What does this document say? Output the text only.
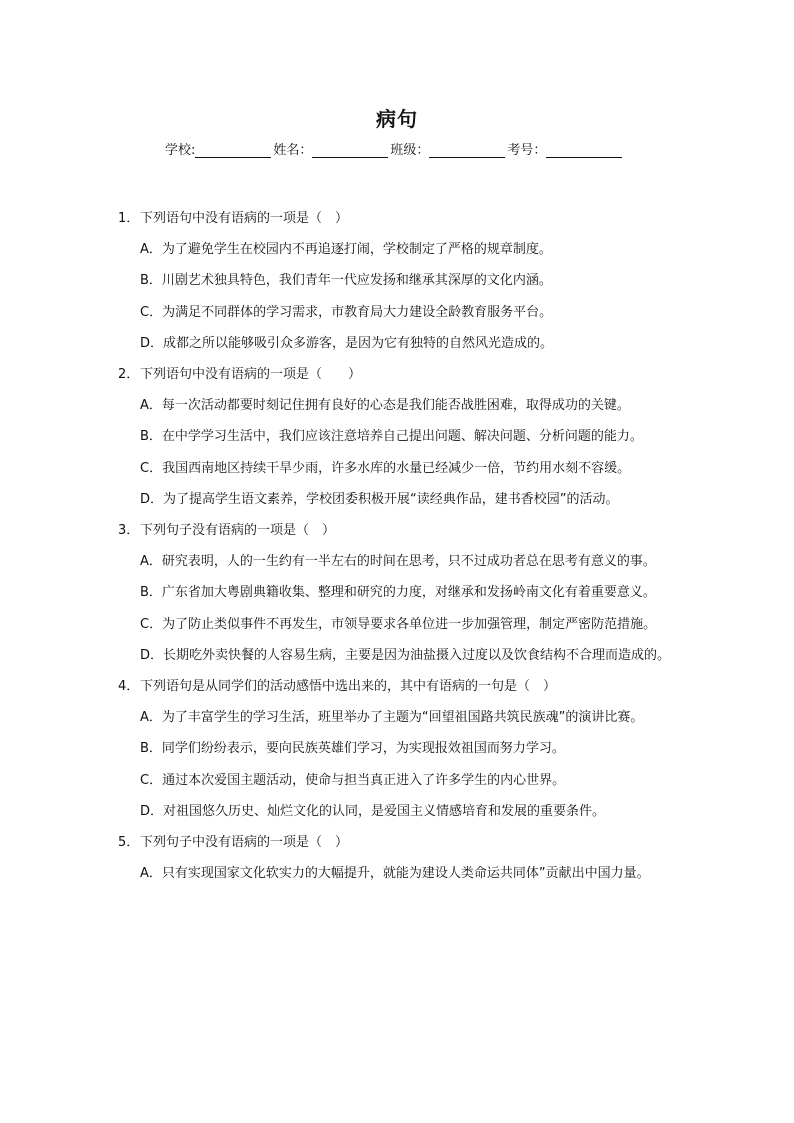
病句
学校:	姓名：	班级：	考号：
1．下列语句中没有语病的一项是（　）
A．为了避免学生在校园内不再追逐打闹，学校制定了严格的规章制度。
B．川剧艺术独具特色，我们青年一代应发扬和继承其深厚的文化内涵。
C．为满足不同群体的学习需求，市教育局大力建设全龄教育服务平台。
D．成都之所以能够吸引众多游客，是因为它有独特的自然风光造成的。
2．下列语句中没有语病的一项是（　　）
A．每一次活动都要时刻记住拥有良好的心态是我们能否战胜困难，取得成功的关键。
B．在中学学习生活中，我们应该注意培养自己提出问题、解决问题、分析问题的能力。
C．我国西南地区持续干旱少雨，许多水库的水量已经减少一倍，节约用水刻不容缓。
D．为了提高学生语文素养，学校团委积极开展“读经典作品，建书香校园”的活动。
3．下列句子没有语病的一项是（　）
A．研究表明，人的一生约有一半左右的时间在思考，只不过成功者总在思考有意义的事。
B．广东省加大粤剧典籍收集、整理和研究的力度，对继承和发扬岭南文化有着重要意义。
C．为了防止类似事件不再发生，市领导要求各单位进一步加强管理，制定严密防范措施。
D．长期吃外卖快餐的人容易生病，主要是因为油盐摄入过度以及饮食结构不合理而造成的。
4．下列语句是从同学们的活动感悟中选出来的，其中有语病的一句是（　）
A．为了丰富学生的学习生活，班里举办了主题为“回望祖国路共筑民族魂”的演讲比赛。
B．同学们纷纷表示，要向民族英雄们学习，为实现报效祖国而努力学习。
C．通过本次爱国主题活动，使命与担当真正进入了许多学生的内心世界。
D．对祖国悠久历史、灿烂文化的认同，是爱国主义情感培育和发展的重要条件。
5．下列句子中没有语病的一项是（　）
A．只有实现国家文化软实力的大幅提升，就能为建设人类命运共同体”贡献出中国力量。
